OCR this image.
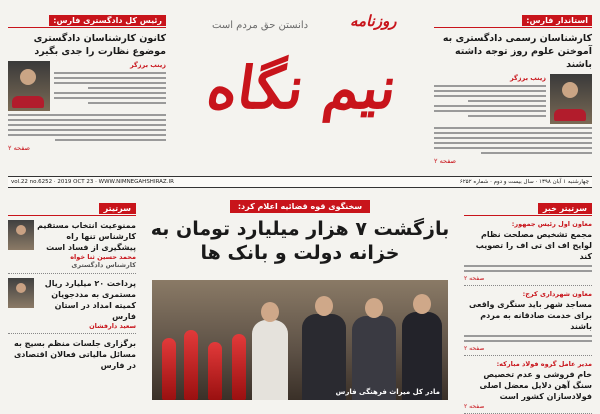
استاندار فارس:
کارشناسان رسمی دادگستری به آموختن علوم روز توجه داشته باشند
زینب برزگر
صفحه ۲
روزنامه
دانستن حق مردم است
نیم نگاه
رئیس کل دادگستری فارس:
کانون کارشناسان دادگستری موضوع نظارت را جدی بگیرد
زینب برزگر
صفحه ۲
vol.22 no.6252 · 2019 OCT 23 · WWW.NIMNEGAHSHIRAZ.IR	چهارشنبه ۱ آبان ۱۳۹۸ · سال بیست و دوم · شماره ۶۲۵۲
سرتیتر خبر
معاون اول رئیس جمهور:
مجمع تشخیص مصلحت نظام لوایح اف ای تی اف را تصویب کند
صفحه ۲
معاون شهرداری کرج:
مساجد شهر باید سنگری واقعی برای خدمت صادقانه به مردم باشند
صفحه ۲
مدیر عامل گروه فولاد مبارکه:
خام فروشی و عدم تخصیص سنگ آهن دلایل معضل اصلی فولادسازان کشور است
صفحه ۲
سخنگوی قوه قضائیه اعلام کرد:
بازگشت ۷ هزار میلیارد تومان به خزانه دولت و بانک ها
مادر کل میراث فرهنگی فارس
سرتیتر
ممنوعیت انتخاب مستقیم کارشناس تنها راه پیشگیری از فساد است
محمد حسین ثنا خواه
کارشناس دادگستری
پرداخت ۲۰ میلیارد ریال مستمری به مددجویان کمیته امداد در استان فارس
سعید دارفشان
برگزاری جلسات منظم بسیج به مسائل مالیاتی فعالان اقتصادی در فارس
